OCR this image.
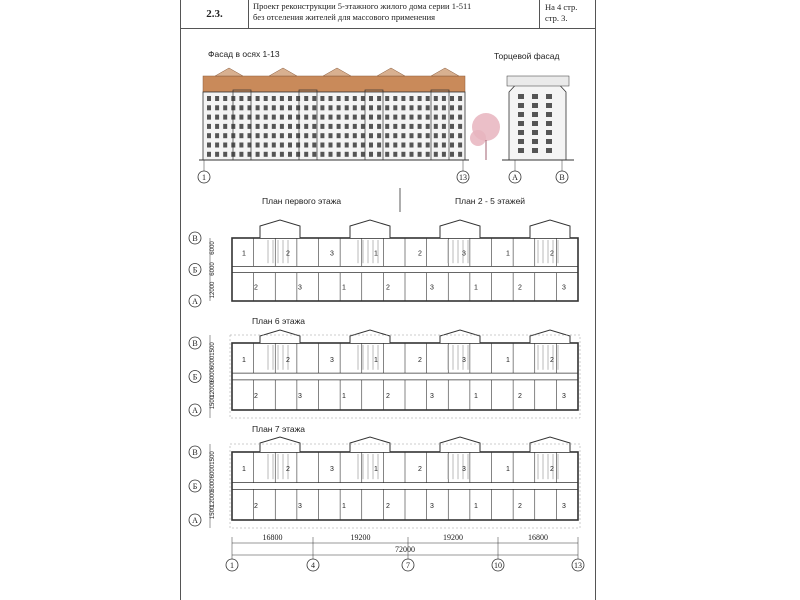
2.3.
Проект реконструкции 5-этажного жилого дома серии 1-511
без отселения жителей для массового применения
На 4 стр.
стр. 3.
Фасад в осях 1-13	Торцевой фасад
План первого этажа	План 2 - 5 этажей
План 6 этажа
План 7 этажа
1	13	А	В
1
2
2
3
3
1
1
2
2
3
3
1
1
2
2
3
6000
6000
12000
В
Б
А
1
2
2
3
3
1
1
2
2
3
3
1
1
2
2
3
1500
6000
6000
12000
1500
В
Б
А
1
2
2
3
3
1
1
2
2
3
3
1
1
2
2
3
1500
6000
6000
12000
1500
В
Б
А
1	4	7	10	13
16800	19200	19200	16800
72000
